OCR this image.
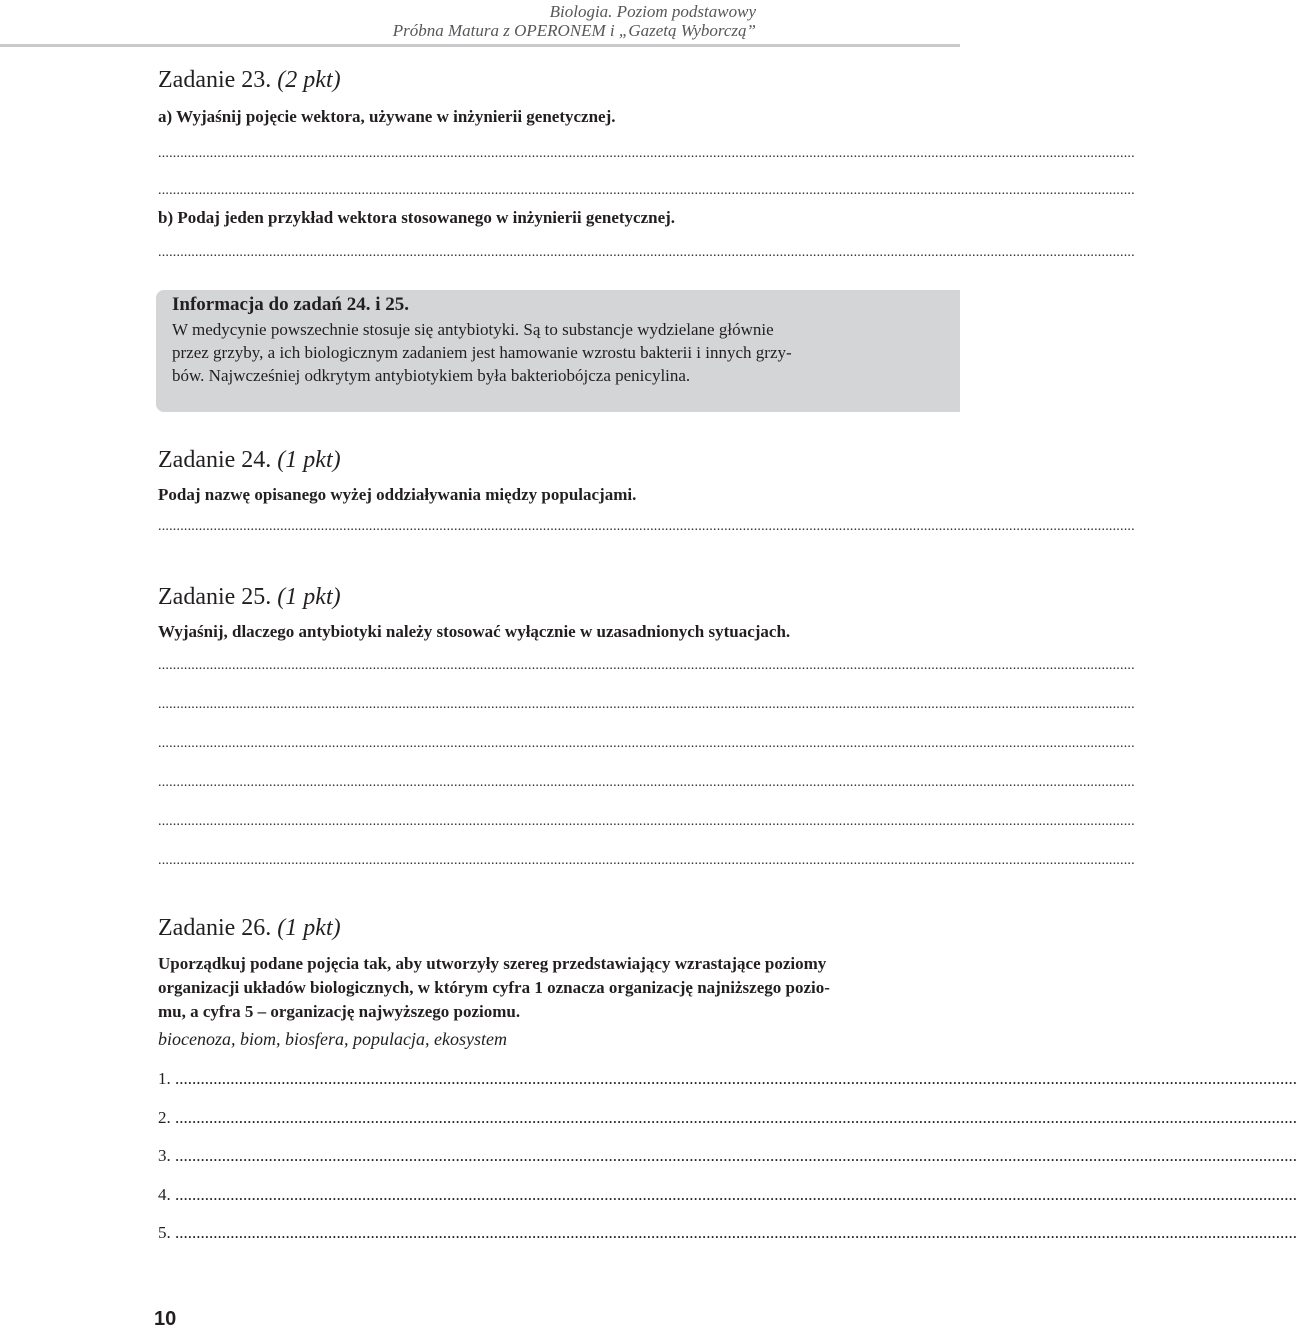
Biologia. Poziom podstawowy
Próbna Matura z OPERONEM i „Gazetą Wyborczą”
Zadanie 23. (2 pkt)

a) Wyjaśnij pojęcie wektora, używane w inżynierii genetycznej.

........................................................................................................................................................................................................................................................................
........................................................................................................................................................................................................................................................................

b) Podaj jeden przykład wektora stosowanego w inżynierii genetycznej.

........................................................................................................................................................................................................................................................................
Informacja do zadań 24. i 25.

W medycynie powszechnie stosuje się antybiotyki. Są to substancje wydzielane głównie
przez grzyby, a ich biologicznym zadaniem jest hamowanie wzrostu bakterii i innych grzy-
bów. Najwcześniej odkrytym antybiotykiem była bakteriobójcza penicylina.

Zadanie 24. (1 pkt)

Podaj nazwę opisanego wyżej oddziaływania między populacjami.

........................................................................................................................................................................................................................................................................
Zadanie 25. (1 pkt)

Wyjaśnij, dlaczego antybiotyki należy stosować wyłącznie w uzasadnionych sytuacjach.

........................................................................................................................................................................................................................................................................
........................................................................................................................................................................................................................................................................
........................................................................................................................................................................................................................................................................
........................................................................................................................................................................................................................................................................
........................................................................................................................................................................................................................................................................
........................................................................................................................................................................................................................................................................
Zadanie 26. (1 pkt)

Uporządkuj podane pojęcia tak, aby utworzyły szereg przedstawiający wzrastające poziomy
organizacji układów biologicznych, w którym cyfra 1 oznacza organizację najniższego pozio-
mu, a cyfra 5 – organizację najwyższego poziomu.

biocenoza, biom, biosfera, populacja, ekosystem
1. ........................................................................................................................................................................................................................................................................
2. ........................................................................................................................................................................................................................................................................
3. ........................................................................................................................................................................................................................................................................
4. ........................................................................................................................................................................................................................................................................
5. ........................................................................................................................................................................................................................................................................
10
